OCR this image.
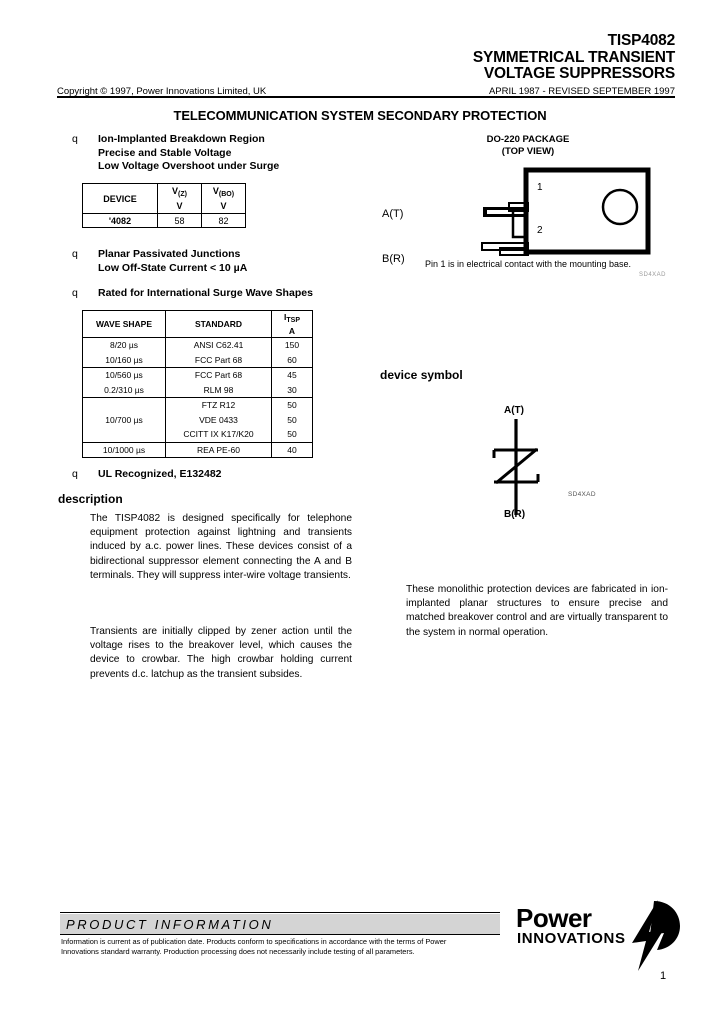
TISP4082
SYMMETRICAL TRANSIENT
VOLTAGE SUPPRESSORS
Copyright © 1997, Power Innovations Limited, UK	APRIL 1987 - REVISED SEPTEMBER 1997
TELECOMMUNICATION SYSTEM SECONDARY PROTECTION
q Ion-Implanted Breakdown Region
Precise and Stable Voltage
Low Voltage Overshoot under Surge
q Planar Passivated Junctions
Low Off-State Current < 10 µA
q Rated for International Surge Wave Shapes
q UL Recognized, E132482
DEVICE	$V_{(Z)}$	$V_{(BO)}$
	V	V
'4082	58	82
WAVE SHAPE	STANDARD	$I_{TSP}$
A
8/20 µs	ANSI C62.41	150
10/160 µs	FCC Part 68	60
10/560 µs	FCC Part 68	45
0.2/310 µs	RLM 98	30
10/700 µs	FTZ R12	50
	VDE 0433	50
	CCITT IX K17/K20	50
10/1000 µs	REA PE-60	40
DO-220 PACKAGE
(TOP VIEW)
A(T)
B(R)
1
2
Pin 1 is in electrical contact with the mounting base.
SD4XAD
device symbol
A(T)
B(R)
SD4XAD
description
The TISP4082 is designed specifically for telephone equipment protection against lightning and transients induced by a.c. power lines. These devices consist of a bidirectional suppressor element connecting the A and B terminals. They will suppress inter-wire voltage transients.
Transients are initially clipped by zener action until the voltage rises to the breakover level, which causes the device to crowbar. The high crowbar holding current prevents d.c. latchup as the transient subsides.
These monolithic protection devices are fabricated in ion-implanted planar structures to ensure precise and matched breakover control and are virtually transparent to the system in normal operation.
PRODUCT INFORMATION
Information is current as of publication date. Products conform to specifications in accordance with the terms of Power Innovations standard warranty. Production processing does not necessarily include testing of all parameters.
Power
INNOVATIONS
1
